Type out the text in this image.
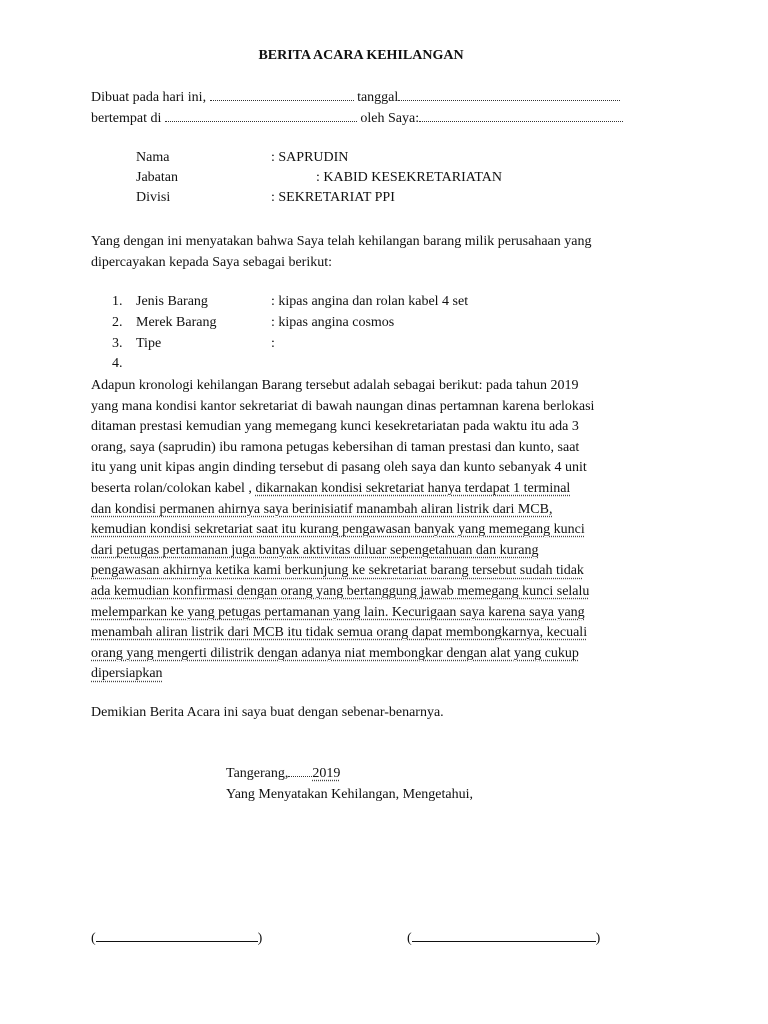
BERITA ACARA KEHILANGAN
Dibuat pada hari ini,	tanggal
bertempat di	oleh Saya:
Nama	: SAPRUDIN
Jabatan	: KABID KESEKRETARIATAN
Divisi	: SEKRETARIAT PPI
Yang dengan ini menyatakan bahwa Saya telah kehilangan barang milik perusahaan yang dipercayakan kepada Saya sebagai berikut:
1. Jenis Barang	: kipas angina dan rolan kabel 4 set
2. Merek Barang	: kipas angina cosmos
3. Tipe	:
4.
Adapun kronologi kehilangan Barang tersebut adalah sebagai berikut: pada tahun 2019
yang mana kondisi kantor sekretariat di bawah naungan dinas pertamnan karena berlokasi
ditaman prestasi kemudian yang memegang kunci kesekretariatan pada waktu itu ada 3
orang, saya (saprudin) ibu ramona petugas kebersihan di taman prestasi dan kunto, saat
itu yang unit kipas angin dinding tersebut di pasang oleh saya dan kunto sebanyak 4 unit
beserta rolan/colokan kabel , dikarnakan kondisi sekretariat hanya terdapat 1 terminal
dan kondisi permanen ahirnya saya berinisiatif manambah aliran listrik dari MCB,
kemudian kondisi sekretariat saat itu kurang pengawasan banyak yang memegang kunci
dari petugas pertamanan juga banyak aktivitas diluar sepengetahuan dan kurang
pengawasan akhirnya ketika kami berkunjung ke sekretariat barang tersebut sudah tidak
ada kemudian konfirmasi dengan orang yang bertanggung jawab memegang kunci selalu
melemparkan ke yang petugas pertamanan yang lain. Kecurigaan saya karena saya yang
menambah aliran listrik dari MCB itu tidak semua orang dapat membongkarnya, kecuali
orang yang mengerti dilistrik dengan adanya niat membongkar dengan alat yang cukup
dipersiapkan
Demikian Berita Acara ini saya buat dengan sebenar-benarnya.
Tangerang, 2019
Yang Menyatakan Kehilangan, Mengetahui,
(	)	(	)
